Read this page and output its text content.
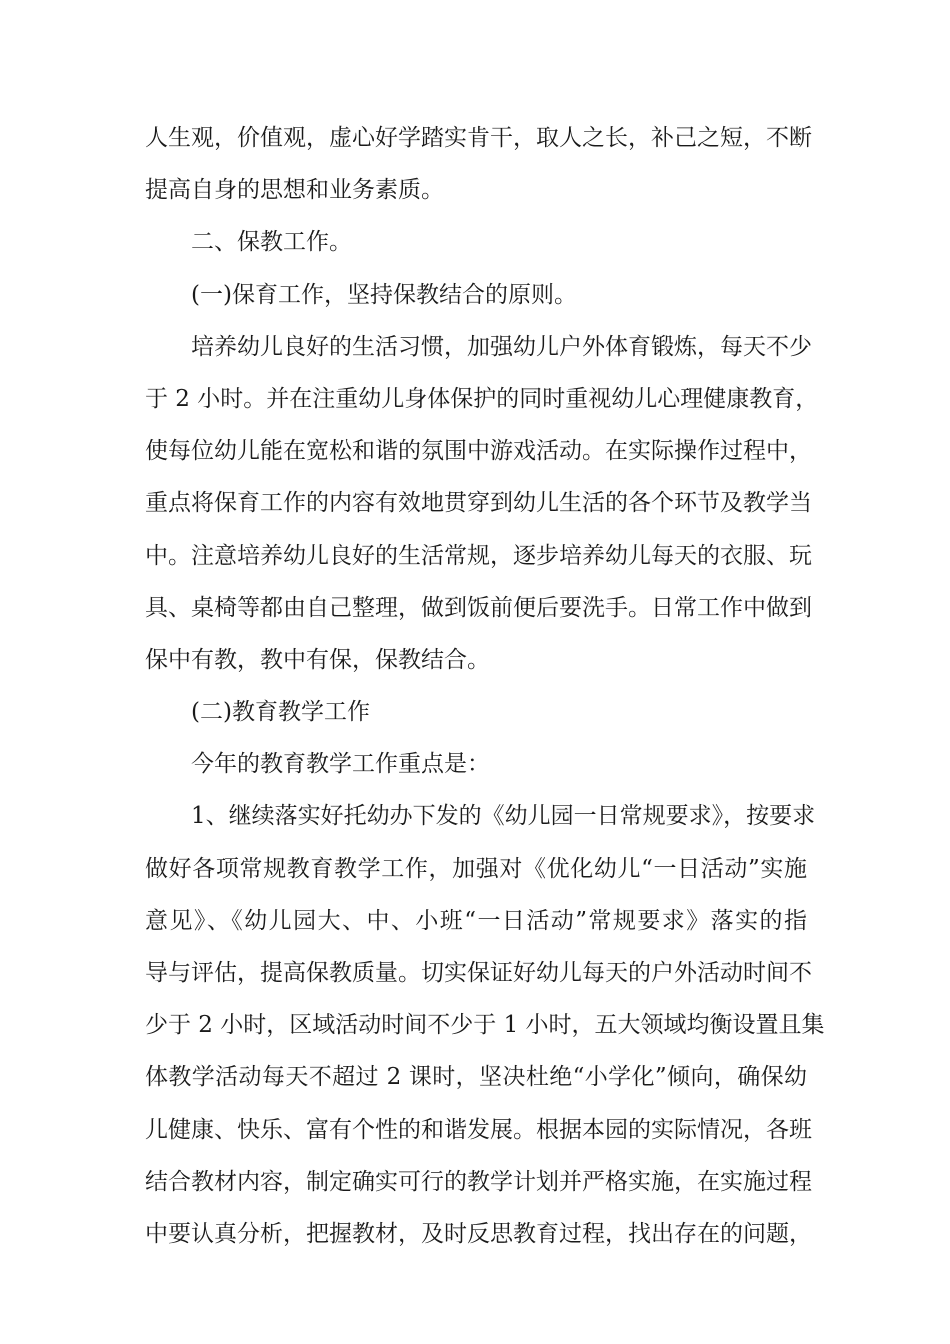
人生观，价值观，虚心好学踏实肯干，取人之长，补己之短，不断
提高自身的思想和业务素质。
二、保教工作。
(一)保育工作，坚持保教结合的原则。
培养幼儿良好的生活习惯，加强幼儿户外体育锻炼，每天不少
于 2 小时。并在注重幼儿身体保护的同时重视幼儿心理健康教育，
使每位幼儿能在宽松和谐的氛围中游戏活动。在实际操作过程中，
重点将保育工作的内容有效地贯穿到幼儿生活的各个环节及教学当
中。注意培养幼儿良好的生活常规，逐步培养幼儿每天的衣服、玩
具、桌椅等都由自己整理，做到饭前便后要洗手。日常工作中做到
保中有教，教中有保，保教结合。
(二)教育教学工作
今年的教育教学工作重点是：
1、继续落实好托幼办下发的《幼儿园一日常规要求》，按要求
做好各项常规教育教学工作，加强对《优化幼儿“一日活动”实施
意见》、《幼儿园大、中、小班“一日活动”常规要求》落实的指
导与评估，提高保教质量。切实保证好幼儿每天的户外活动时间不
少于 2 小时，区域活动时间不少于 1 小时，五大领域均衡设置且集
体教学活动每天不超过 2 课时，坚决杜绝“小学化”倾向，确保幼
儿健康、快乐、富有个性的和谐发展。根据本园的实际情况，各班
结合教材内容，制定确实可行的教学计划并严格实施，在实施过程
中要认真分析，把握教材，及时反思教育过程，找出存在的问题，
